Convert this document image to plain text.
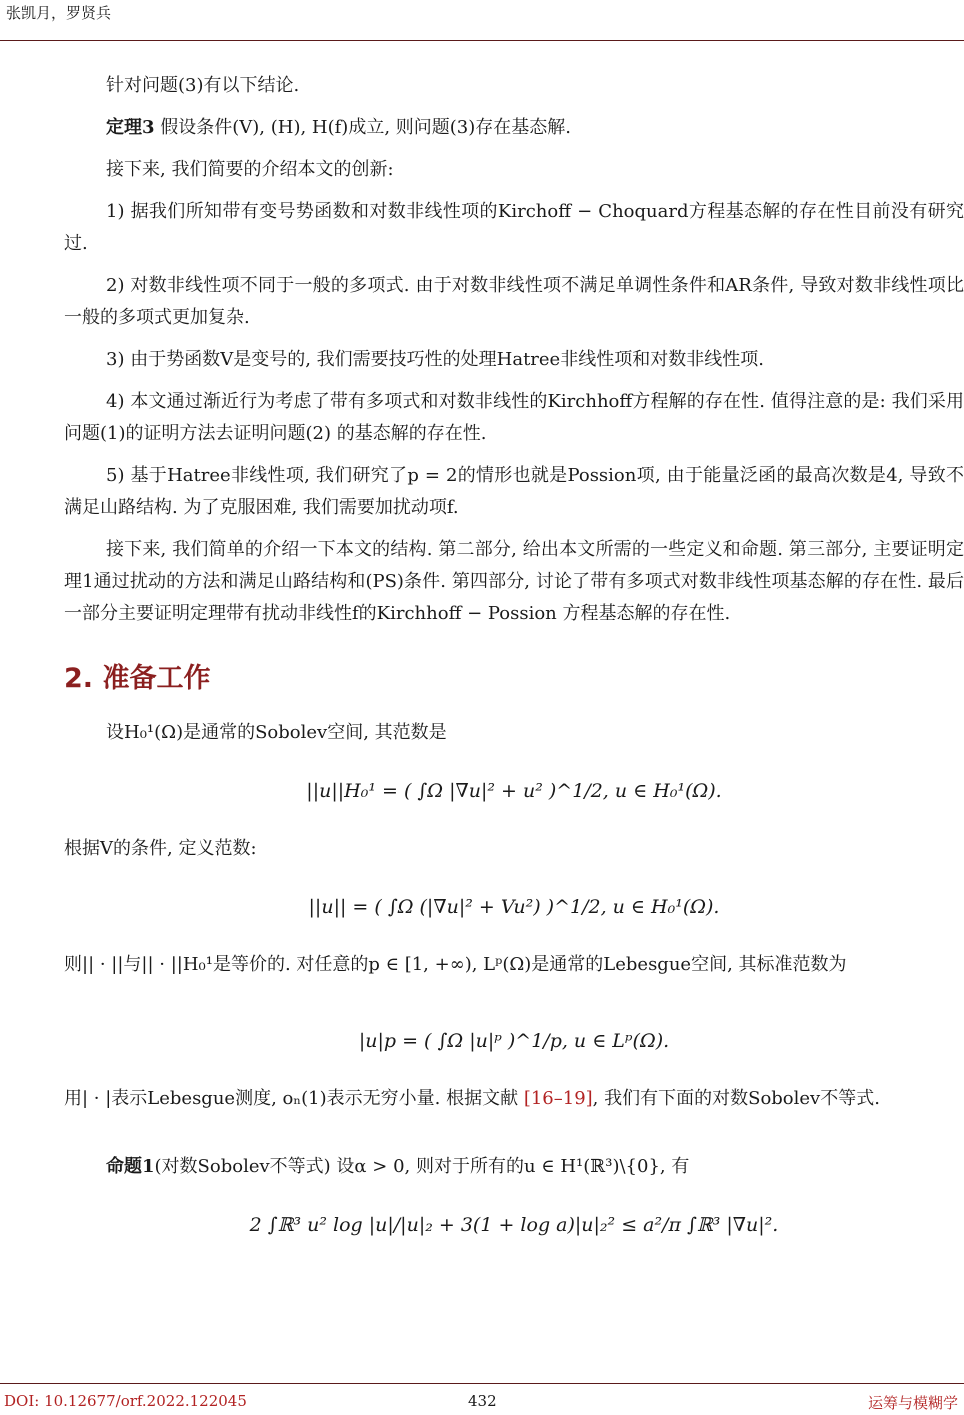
张凯月，罗贤兵

针对问题(3)有以下结论.

定理3 假设条件(V), (H), H(f)成立, 则问题(3)存在基态解.

接下来, 我们简要的介绍本文的创新:

1) 据我们所知带有变号势函数和对数非线性项的Kirchoff − Choquard方程基态解的存在性目前没有研究过.

2) 对数非线性项不同于一般的多项式. 由于对数非线性项不满足单调性条件和AR条件, 导致对数非线性项比一般的多项式更加复杂.

3) 由于势函数V是变号的, 我们需要技巧性的处理Hatree非线性项和对数非线性项.

4) 本文通过渐近行为考虑了带有多项式和对数非线性的Kirchhoff方程解的存在性. 值得注意的是: 我们采用问题(1)的证明方法去证明问题(2) 的基态解的存在性.

5) 基于Hatree非线性项, 我们研究了p = 2的情形也就是Possion项, 由于能量泛函的最高次数是4, 导致不满足山路结构. 为了克服困难, 我们需要加扰动项f.

接下来, 我们简单的介绍一下本文的结构. 第二部分, 给出本文所需的一些定义和命题. 第三部分, 主要证明定理1通过扰动的方法和满足山路结构和(PS)条件. 第四部分, 讨论了带有多项式对数非线性项基态解的存在性. 最后一部分主要证明定理带有扰动非线性f的Kirchhoff − Possion 方程基态解的存在性.

2. 准备工作

设H₀¹(Ω)是通常的Sobolev空间, 其范数是

||u||H₀¹ = ( ∫Ω |∇u|² + u² )^1/2, u ∈ H₀¹(Ω).

根据V的条件, 定义范数:

||u|| = ( ∫Ω (|∇u|² + Vu²) )^1/2, u ∈ H₀¹(Ω).

则|| · ||与|| · ||H₀¹是等价的. 对任意的p ∈ [1, +∞), Lᵖ(Ω)是通常的Lebesgue空间, 其标准范数为

|u|p = ( ∫Ω |u|ᵖ )^1/p, u ∈ Lᵖ(Ω).

用| · |表示Lebesgue测度, oₙ(1)表示无穷小量. 根据文献 [16–19], 我们有下面的对数Sobolev不等式.

命题1(对数Sobolev不等式) 设α > 0, 则对于所有的u ∈ H¹(ℝ³)\{0}, 有

2 ∫ℝ³ u² log |u|/|u|₂ + 3(1 + log a)|u|₂² ≤ a²/π ∫ℝ³ |∇u|².
DOI: 10.12677/orf.2022.122045	432	运筹与模糊学
